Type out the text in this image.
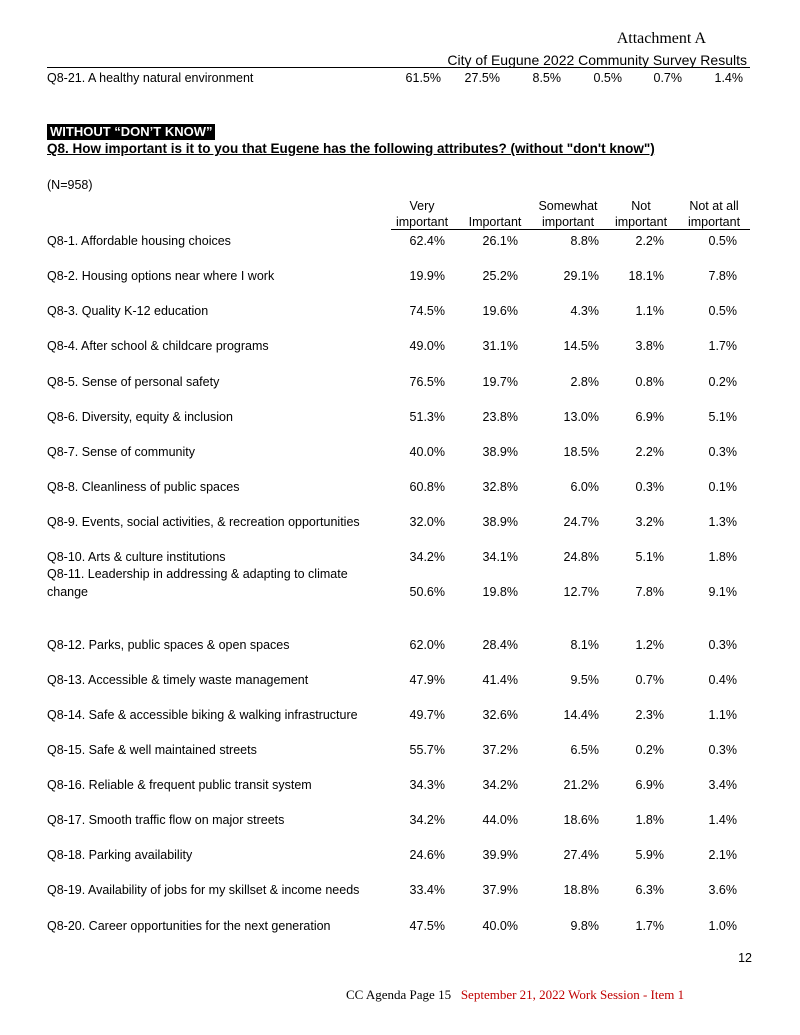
Attachment A
City of Eugune 2022 Community Survey Results
Q8-21. A healthy natural environment	61.5% 27.5%	8.5%	0.5%	0.7%	1.4%
WITHOUT “DON’T KNOW”
Q8. How important is it to you that Eugene has the following attributes? (without "don't know")
(N=958)
Very
important	Important
Somewhat
important
Not
important
Not at all
important
Q8-1. Affordable housing choices	62.4%	26.1%	8.8%	2.2%	0.5%
Q8-2. Housing options near where I work	19.9%	25.2%	29.1% 18.1%	7.8%
Q8-3. Quality K-12 education	74.5%	19.6%	4.3%	1.1%	0.5%
Q8-4. After school & childcare programs	49.0%	31.1%	14.5%	3.8%	1.7%
Q8-5. Sense of personal safety	76.5%	19.7%	2.8%	0.8%	0.2%
Q8-6. Diversity, equity & inclusion	51.3%	23.8%	13.0%	6.9%	5.1%
Q8-7. Sense of community	40.0%	38.9%	18.5%	2.2%	0.3%
Q8-8. Cleanliness of public spaces	60.8%	32.8%	6.0%	0.3%	0.1%
Q8-9. Events, social activities, & recreation opportunities	32.0%	38.9%	24.7%	3.2%	1.3%
Q8-10. Arts & culture institutions	34.2%	34.1%	24.8%	5.1%	1.8%
Q8-11. Leadership in addressing & adapting to climate change	50.6%	19.8%	12.7%	7.8%	9.1%
Q8-12. Parks, public spaces & open spaces	62.0%	28.4%	8.1%	1.2%	0.3%
Q8-13. Accessible & timely waste management	47.9%	41.4%	9.5%	0.7%	0.4%
Q8-14. Safe & accessible biking & walking infrastructure	49.7%	32.6%	14.4%	2.3%	1.1%
Q8-15. Safe & well maintained streets	55.7%	37.2%	6.5%	0.2%	0.3%
Q8-16. Reliable & frequent public transit system	34.3%	34.2%	21.2%	6.9%	3.4%
Q8-17. Smooth traffic flow on major streets	34.2%	44.0%	18.6%	1.8%	1.4%
Q8-18. Parking availability	24.6%	39.9%	27.4%	5.9%	2.1%
Q8-19. Availability of jobs for my skillset & income needs	33.4%	37.9%	18.8%	6.3%	3.6%
Q8-20. Career opportunities for the next generation	47.5%	40.0%	9.8%	1.7%	1.0%
12
CC Agenda Page 15 September 21, 2022 Work Session - Item 1
